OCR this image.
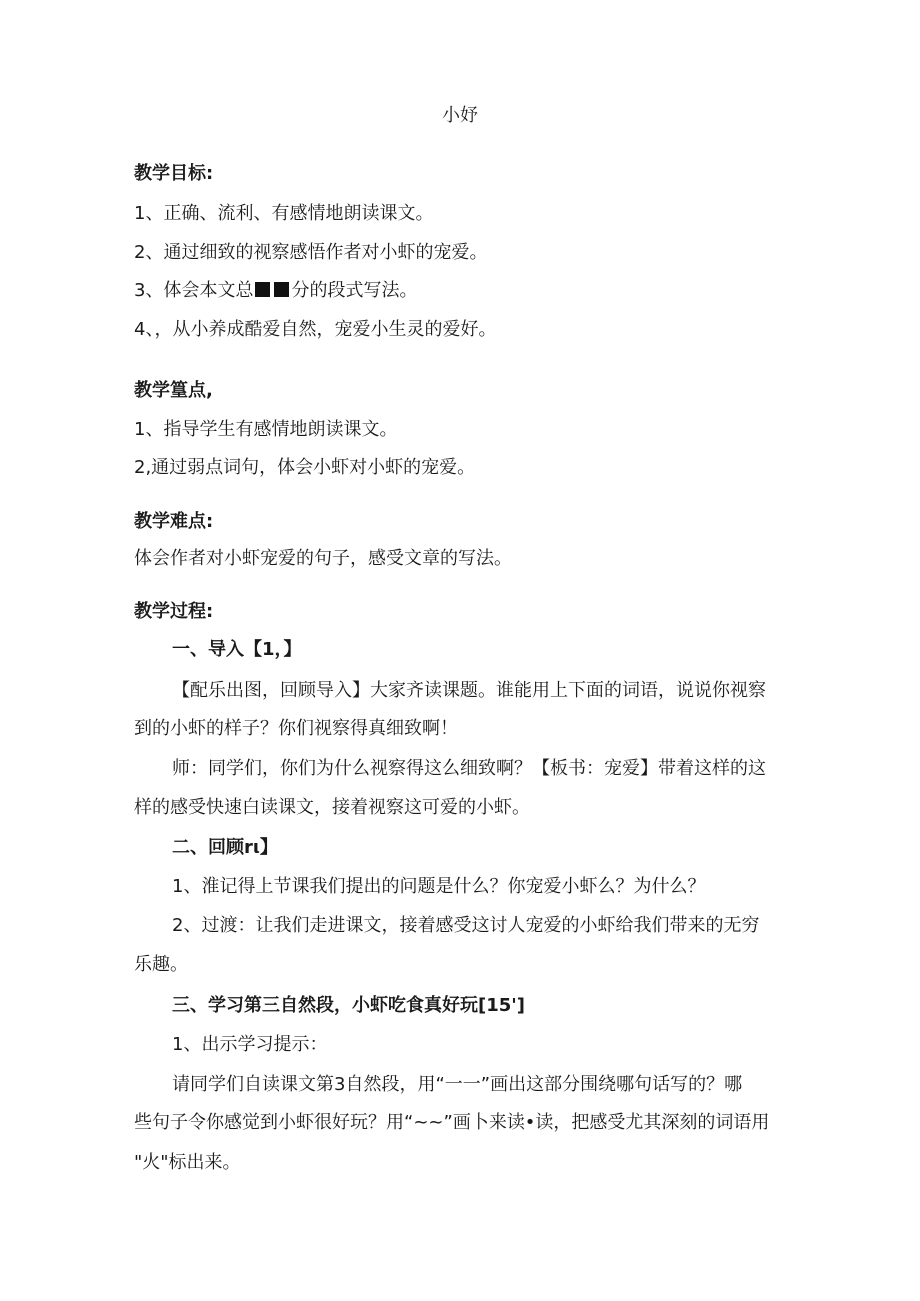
小妤
教学目标:
1、正确、流利、有感情地朗读课文。
2、通过细致的视察感悟作者对小虾的宠爱。
3、体会本文总 分的段式写法。
4、，从小养成酷爱自然，宠爱小生灵的爱好。
教学篁点,
1、指导学生有感情地朗读课文。
2,通过弱点词句，体会小虾对小虾的宠爱。
教学难点:
体会作者对小虾宠爱的句子，感受文章的写法。
教学过程:
一、导入【1，】
【配乐出图，回顾导入】大家齐读课题。谁能用上下面的词语，说说你视察
到的小虾的样子？你们视察得真细致啊！
师：同学们，你们为什么视察得这么细致啊？【板书：宠爱】带着这样的这
样的感受快速白读课文，接着视察这可爱的小虾。
二、回顾rι】
1、淮记得上节课我们提出的问题是什么？你宠爱小虾么？为什么？
2、过渡：让我们走进课文，接着感受这讨人宠爱的小虾给我们带来的无穷
乐趣。
三、学习第三自然段，小虾吃食真好玩[15']
1、出示学习提示：
请同学们自读课文第3自然段，用“一一”画出这部分围绕哪句话写的？哪
些句子令你感觉到小虾很好玩？用“~~”画卜来读•读，把感受尤其深刻的词语用
"火"标出来。
